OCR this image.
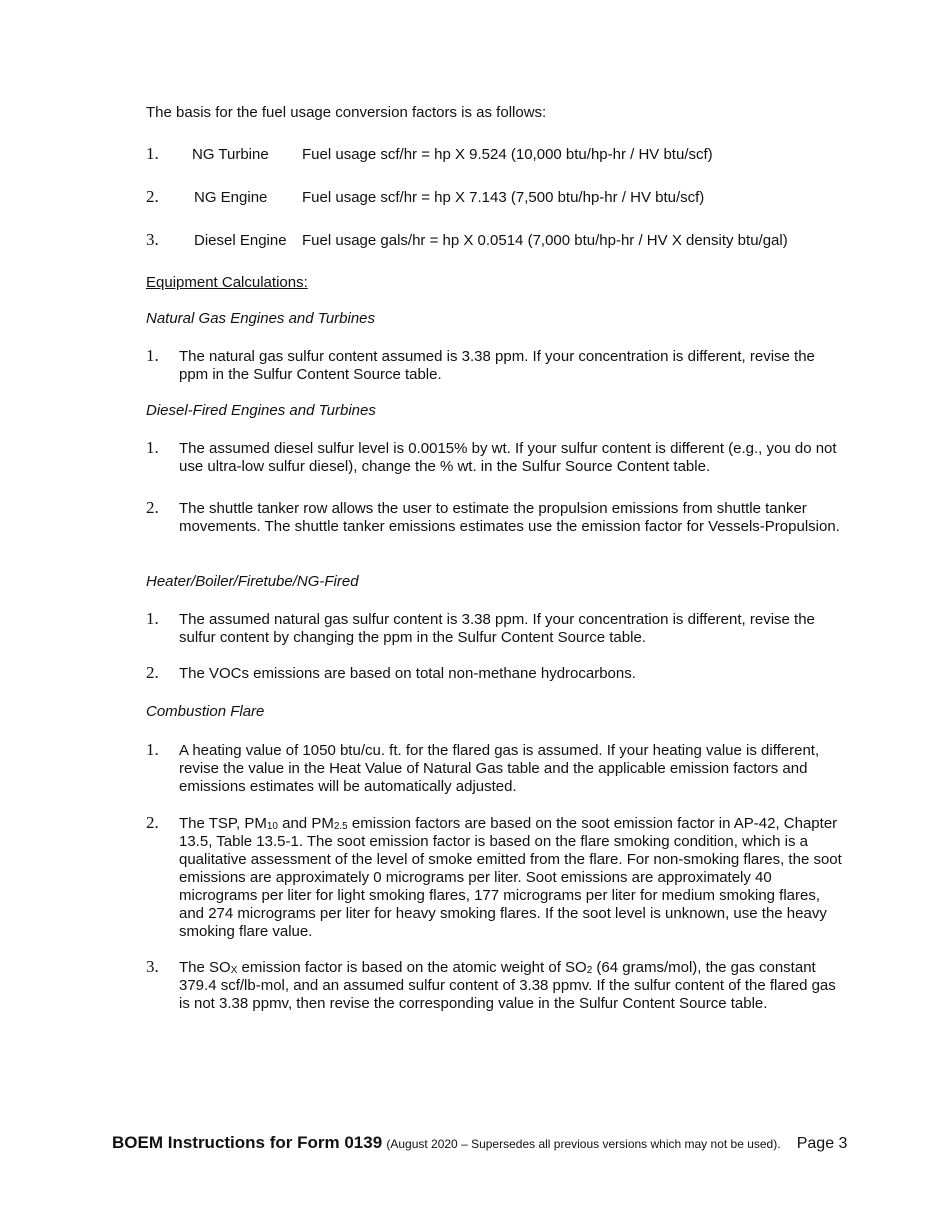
The basis for the fuel usage conversion factors is as follows:
1. NG Turbine Fuel usage scf/hr = hp X 9.524 (10,000 btu/hp-hr / HV btu/scf)
2. NG Engine Fuel usage scf/hr = hp X 7.143 (7,500 btu/hp-hr / HV btu/scf)
3. Diesel Engine Fuel usage gals/hr = hp X 0.0514 (7,000 btu/hp-hr / HV X density btu/gal)
Equipment Calculations:
Natural Gas Engines and Turbines
1. The natural gas sulfur content assumed is 3.38 ppm. If your concentration is different, revise the ppm in the Sulfur Content Source table.
Diesel-Fired Engines and Turbines
1. The assumed diesel sulfur level is 0.0015% by wt. If your sulfur content is different (e.g., you do not use ultra-low sulfur diesel), change the % wt. in the Sulfur Source Content table.
2. The shuttle tanker row allows the user to estimate the propulsion emissions from shuttle tanker movements. The shuttle tanker emissions estimates use the emission factor for Vessels-Propulsion.
Heater/Boiler/Firetube/NG-Fired
1. The assumed natural gas sulfur content is 3.38 ppm. If your concentration is different, revise the sulfur content by changing the ppm in the Sulfur Content Source table.
2. The VOCs emissions are based on total non-methane hydrocarbons.
Combustion Flare
1. A heating value of 1050 btu/cu. ft. for the flared gas is assumed. If your heating value is different, revise the value in the Heat Value of Natural Gas table and the applicable emission factors and emissions estimates will be automatically adjusted.
2. The TSP, $PM_{10}$ and $PM_{2.5}$ emission factors are based on the soot emission factor in AP-42, Chapter 13.5, Table 13.5-1. The soot emission factor is based on the flare smoking condition, which is a qualitative assessment of the level of smoke emitted from the flare. For non-smoking flares, the soot emissions are approximately 0 micrograms per liter. Soot emissions are approximately 40 micrograms per liter for light smoking flares, 177 micrograms per liter for medium smoking flares, and 274 micrograms per liter for heavy smoking flares. If the soot level is unknown, use the heavy smoking flare value.
3. The $SO_X$ emission factor is based on the atomic weight of $SO_2$ (64 grams/mol), the gas constant 379.4 scf/lb-mol, and an assumed sulfur content of 3.38 ppmv. If the sulfur content of the flared gas is not 3.38 ppmv, then revise the corresponding value in the Sulfur Content Source table.
BOEM Instructions for Form 0139 (August 2020 – Supersedes all previous versions which may not be used). Page 3
